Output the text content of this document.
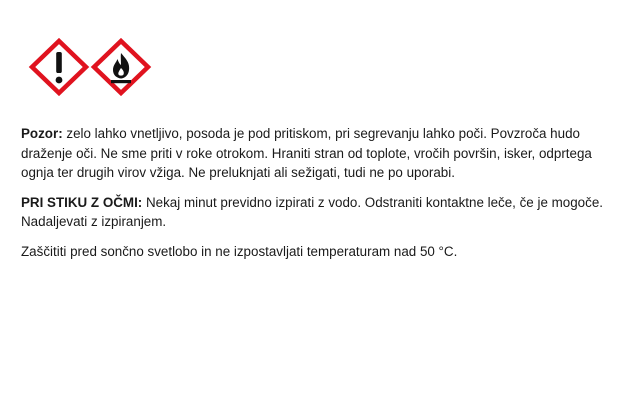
Pozor: zelo lahko vnetljivo, posoda je pod pritiskom, pri segrevanju lahko poči. Povzroča hudo draženje oči. Ne sme priti v roke otrokom. Hraniti stran od toplote, vročih površin, isker, odprtega ognja ter drugih virov vžiga. Ne preluknjati ali sežigati, tudi ne po uporabi.

PRI STIKU Z OČMI: Nekaj minut previdno izpirati z vodo. Odstraniti kontaktne leče, če je mogoče. Nadaljevati z izpiranjem.

Zaščititi pred sončno svetlobo in ne izpostavljati temperaturam nad 50 °C.
